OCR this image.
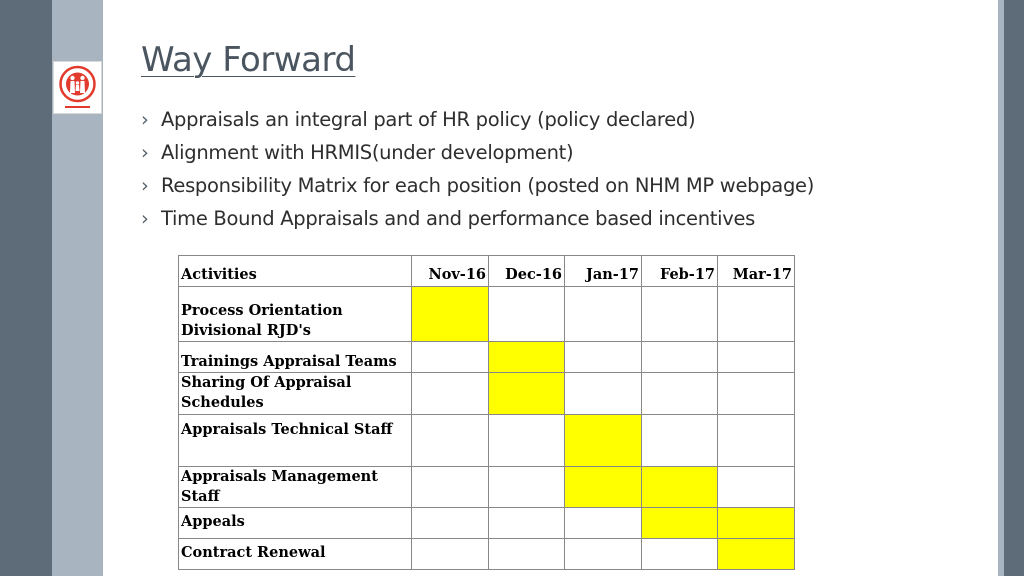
Way Forward
› Appraisals an integral part of HR policy (policy declared)
› Alignment with HRMIS(under development)
› Responsibility Matrix for each position (posted on NHM MP webpage)
› Time Bound Appraisals and and performance based incentives
Activities	Nov-16	Dec-16	Jan-17	Feb-17	Mar-17
Process Orientation Divisional RJD's					
Trainings Appraisal Teams					
Sharing Of Appraisal Schedules					
Appraisals Technical Staff					
Appraisals Management Staff					
Appeals					
Contract Renewal					
